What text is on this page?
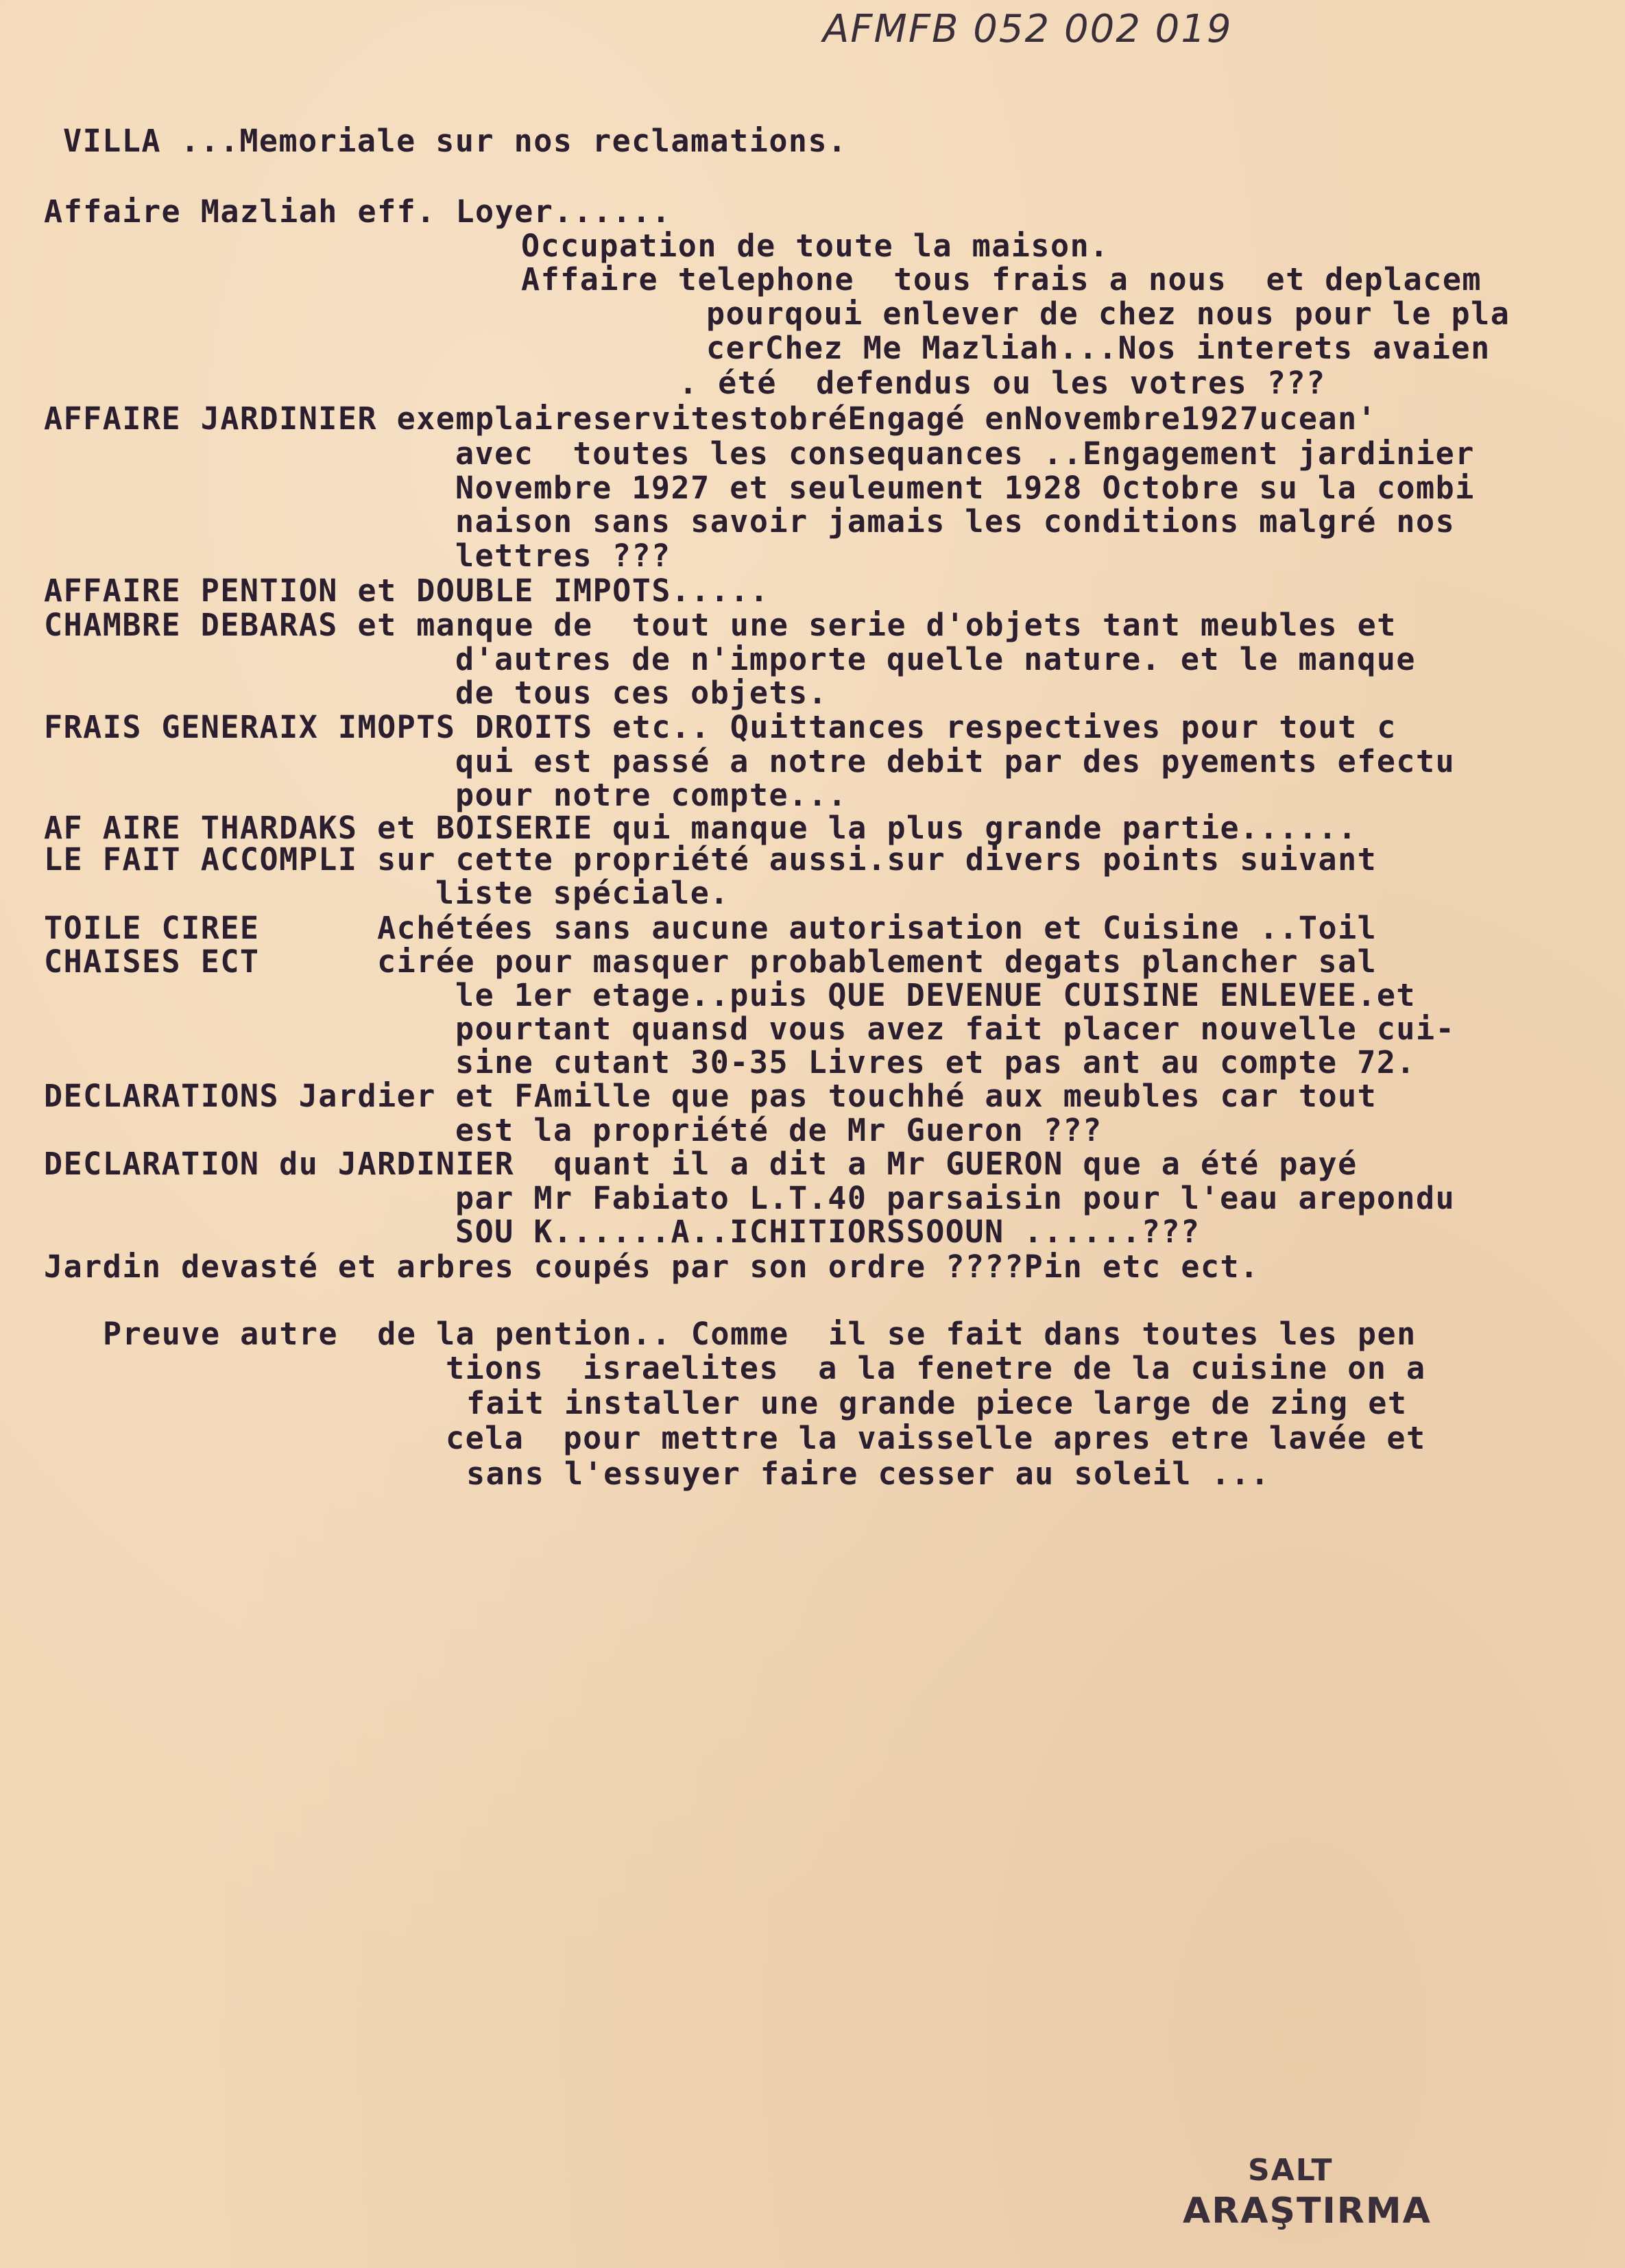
AFMFB 052 002 019
VILLA ...Memoriale sur nos reclamations.
Affaire Mazliah eff. Loyer......
Occupation de toute la maison.
Affaire telephone  tous frais a nous  et deplacem
pourqoui enlever de chez nous pour le pla
cerChez Me Mazliah...Nos interets avaien
. été  defendus ou les votres ???
AFFAIRE JARDINIER exemplaireservitestobréEngagé enNovembre1927ucean'
avec  toutes les consequances ..Engagement jardinier
Novembre 1927 et seuleument 1928 Octobre su la combi
naison sans savoir jamais les conditions malgré nos
lettres ???
AFFAIRE PENTION et DOUBLE IMPOTS.....
CHAMBRE DEBARAS et manque de  tout une serie d'objets tant meubles et
d'autres de n'importe quelle nature. et le manque
de tous ces objets.
FRAIS GENERAIX IMOPTS DROITS etc.. Quittances respectives pour tout c
qui est passé a notre debit par des pyements efectu
pour notre compte...
AF AIRE THARDAKS et BOISERIE qui manque la plus grande partie......
LE FAIT ACCOMPLI sur cette propriété aussi.sur divers points suivant
liste spéciale.
TOILE CIREE      Achétées sans aucune autorisation et Cuisine ..Toil
CHAISES ECT      cirée pour masquer probablement degats plancher sal
le 1er etage..puis QUE DEVENUE CUISINE ENLEVEE.et
pourtant quansd vous avez fait placer nouvelle cui-
sine cutant 30-35 Livres et pas ant au compte 72.
DECLARATIONS Jardier et FAmille que pas touchhé aux meubles car tout
est la propriété de Mr Gueron ???
DECLARATION du JARDINIER  quant il a dit a Mr GUERON que a été payé
par Mr Fabiato L.T.40 parsaisin pour l'eau arepondu
SOU K......A..ICHITIORSSOOUN ......???
Jardin devasté et arbres coupés par son ordre ????Pin etc ect.
Preuve autre  de la pention.. Comme  il se fait dans toutes les pen
tions  israelites  a la fenetre de la cuisine on a
fait installer une grande piece large de zing et
cela  pour mettre la vaisselle apres etre lavée et
sans l'essuyer faire cesser au soleil ...
SALT
ARAŞTIRMA
